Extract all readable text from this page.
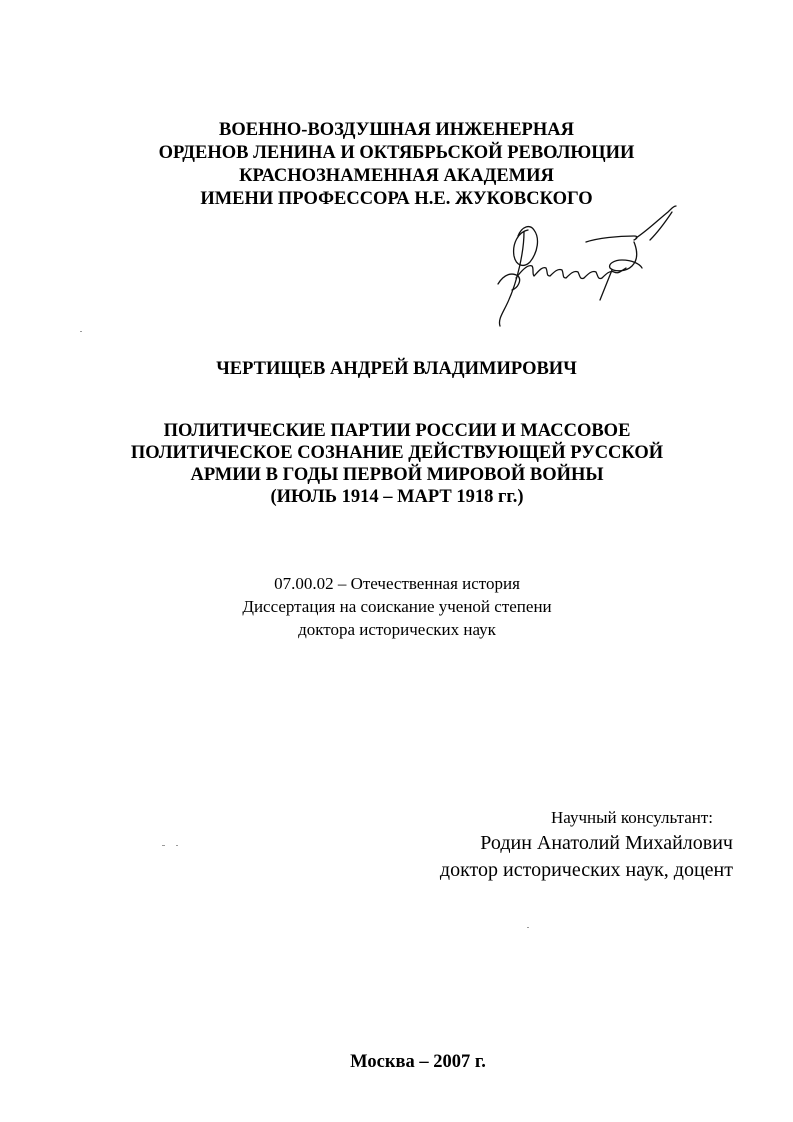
ВОЕННО-ВОЗДУШНАЯ ИНЖЕНЕРНАЯ
ОРДЕНОВ ЛЕНИНА И ОКТЯБРЬСКОЙ РЕВОЛЮЦИИ
КРАСНОЗНАМЕННАЯ АКАДЕМИЯ
ИМЕНИ ПРОФЕССОРА Н.Е. ЖУКОВСКОГО
ЧЕРТИЩЕВ АНДРЕЙ ВЛАДИМИРОВИЧ
ПОЛИТИЧЕСКИЕ ПАРТИИ РОССИИ И МАССОВОЕ
ПОЛИТИЧЕСКОЕ СОЗНАНИЕ ДЕЙСТВУЮЩЕЙ РУССКОЙ
АРМИИ В ГОДЫ ПЕРВОЙ МИРОВОЙ ВОЙНЫ
(ИЮЛЬ 1914 – МАРТ 1918 гг.)
07.00.02 – Отечественная история
Диссертация на соискание ученой степени
доктора исторических наук
Научный консультант:
Родин Анатолий Михайлович
доктор исторических наук, доцент
Москва – 2007 г.
